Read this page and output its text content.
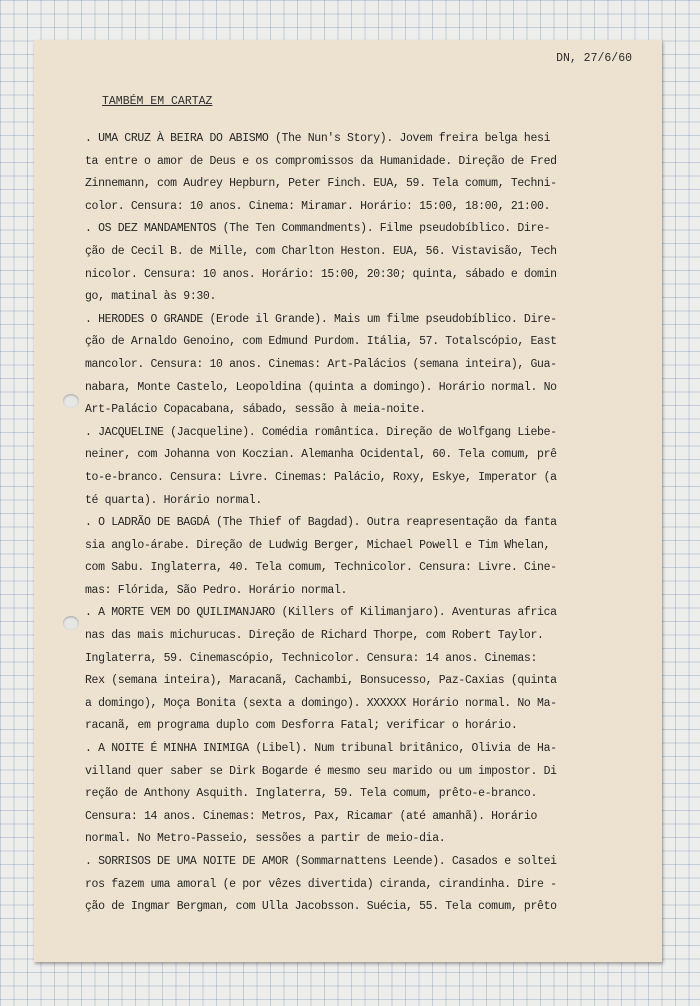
DN, 27/6/60
TAMBÉM EM CARTAZ
. UMA CRUZ À BEIRA DO ABISMO (The Nun's Story). Jovem freira belga hesi
ta entre o amor de Deus e os compromissos da Humanidade. Direção de Fred
Zinnemann, com Audrey Hepburn, Peter Finch. EUA, 59. Tela comum, Techni-
color. Censura: 10 anos. Cinema: Miramar. Horário: 15:00, 18:00, 21:00.
. OS DEZ MANDAMENTOS (The Ten Commandments). Filme pseudobíblico. Dire-
ção de Cecil B. de Mille, com Charlton Heston. EUA, 56. Vistavisão, Tech
nicolor. Censura: 10 anos. Horário: 15:00, 20:30; quinta, sábado e domin
go, matinal às 9:30.
. HERODES O GRANDE (Erode il Grande). Mais um filme pseudobíblico. Dire-
ção de Arnaldo Genoino, com Edmund Purdom. Itália, 57. Totalscópio, East
mancolor. Censura: 10 anos. Cinemas: Art-Palácios (semana inteira), Gua-
nabara, Monte Castelo, Leopoldina (quinta a domingo). Horário normal. No
Art-Palácio Copacabana, sábado, sessão à meia-noite.
. JACQUELINE (Jacqueline). Comédia romântica. Direção de Wolfgang Liebe-
neiner, com Johanna von Koczian. Alemanha Ocidental, 60. Tela comum, prê
to-e-branco. Censura: Livre. Cinemas: Palácio, Roxy, Eskye, Imperator (a
té quarta). Horário normal.
. O LADRÃO DE BAGDÁ (The Thief of Bagdad). Outra reapresentação da fanta
sia anglo-árabe. Direção de Ludwig Berger, Michael Powell e Tim Whelan,
com Sabu. Inglaterra, 40. Tela comum, Technicolor. Censura: Livre. Cine-
mas: Flórida, São Pedro. Horário normal.
. A MORTE VEM DO QUILIMANJARO (Killers of Kilimanjaro). Aventuras africa
nas das mais michurucas. Direção de Richard Thorpe, com Robert Taylor.
Inglaterra, 59. Cinemascópio, Technicolor. Censura: 14 anos. Cinemas:
Rex (semana inteira), Maracanã, Cachambi, Bonsucesso, Paz-Caxias (quinta
a domingo), Moça Bonita (sexta a domingo). XXXXXX Horário normal. No Ma-
racanã, em programa duplo com Desforra Fatal; verificar o horário.
. A NOITE É MINHA INIMIGA (Libel). Num tribunal britânico, Olivia de Ha-
villand quer saber se Dirk Bogarde é mesmo seu marido ou um impostor. Di
reção de Anthony Asquith. Inglaterra, 59. Tela comum, prêto-e-branco.
Censura: 14 anos. Cinemas: Metros, Pax, Ricamar (até amanhã). Horário
normal. No Metro-Passeio, sessões a partir de meio-dia.
. SORRISOS DE UMA NOITE DE AMOR (Sommarnattens Leende). Casados e soltei
ros fazem uma amoral (e por vêzes divertida) ciranda, cirandinha. Dire -
ção de Ingmar Bergman, com Ulla Jacobsson. Suécia, 55. Tela comum, prêto
